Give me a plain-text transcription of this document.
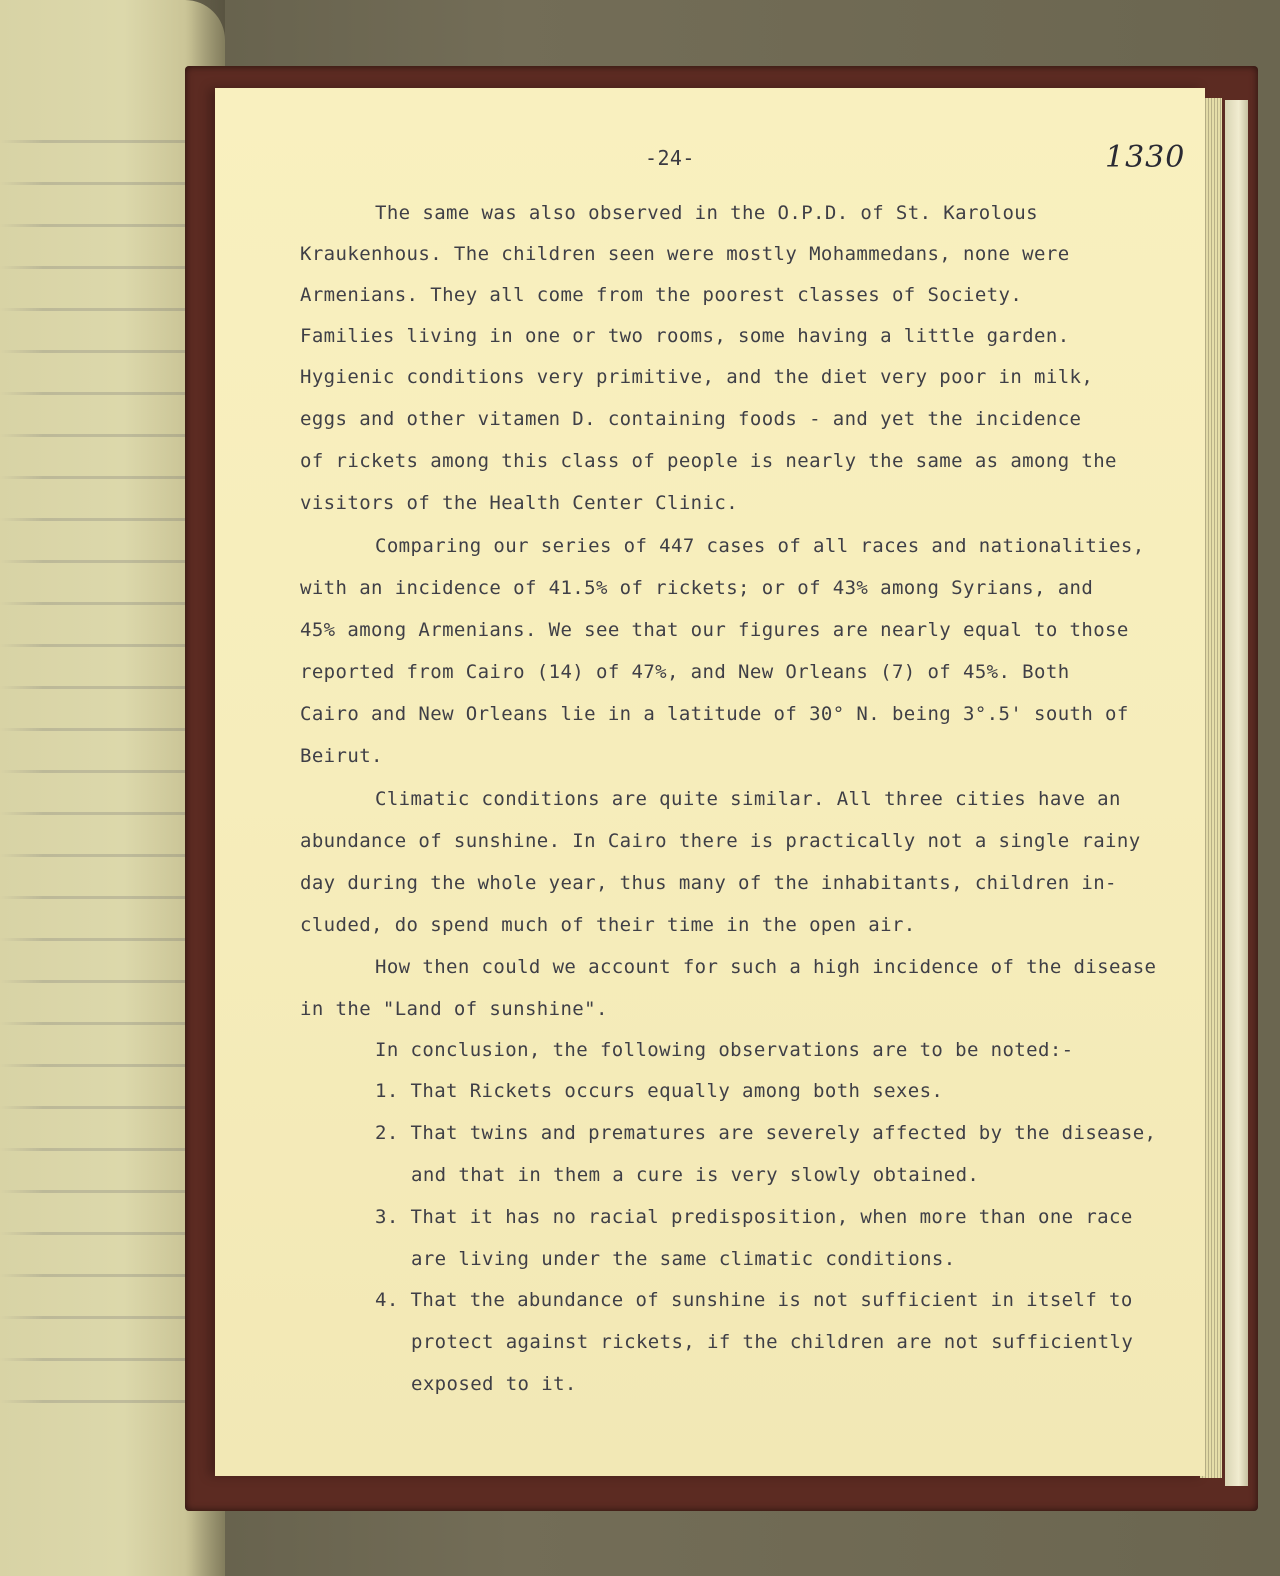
-24-	1330
The same was also observed in the O.P.D. of St. Karolous
Kraukenhous. The children seen were mostly Mohammedans, none were
Armenians. They all come from the poorest classes of Society.
Families living in one or two rooms, some having a little garden.
Hygienic conditions very primitive, and the diet very poor in milk,
eggs and other vitamen D. containing foods - and yet the incidence
of rickets among this class of people is nearly the same as among the
visitors of the Health Center Clinic.
Comparing our series of 447 cases of all races and nationalities,
with an incidence of 41.5% of rickets; or of 43% among Syrians, and
45% among Armenians. We see that our figures are nearly equal to those
reported from Cairo (14) of 47%, and New Orleans (7) of 45%. Both
Cairo and New Orleans lie in a latitude of 30° N. being 3°.5' south of
Beirut.
Climatic conditions are quite similar. All three cities have an
abundance of sunshine. In Cairo there is practically not a single rainy
day during the whole year, thus many of the inhabitants, children in-
cluded, do spend much of their time in the open air.
How then could we account for such a high incidence of the disease
in the "Land of sunshine".
In conclusion, the following observations are to be noted:-
1. That Rickets occurs equally among both sexes.
2. That twins and prematures are severely affected by the disease,
and that in them a cure is very slowly obtained.
3. That it has no racial predisposition, when more than one race
are living under the same climatic conditions.
4. That the abundance of sunshine is not sufficient in itself to
protect against rickets, if the children are not sufficiently
exposed to it.
